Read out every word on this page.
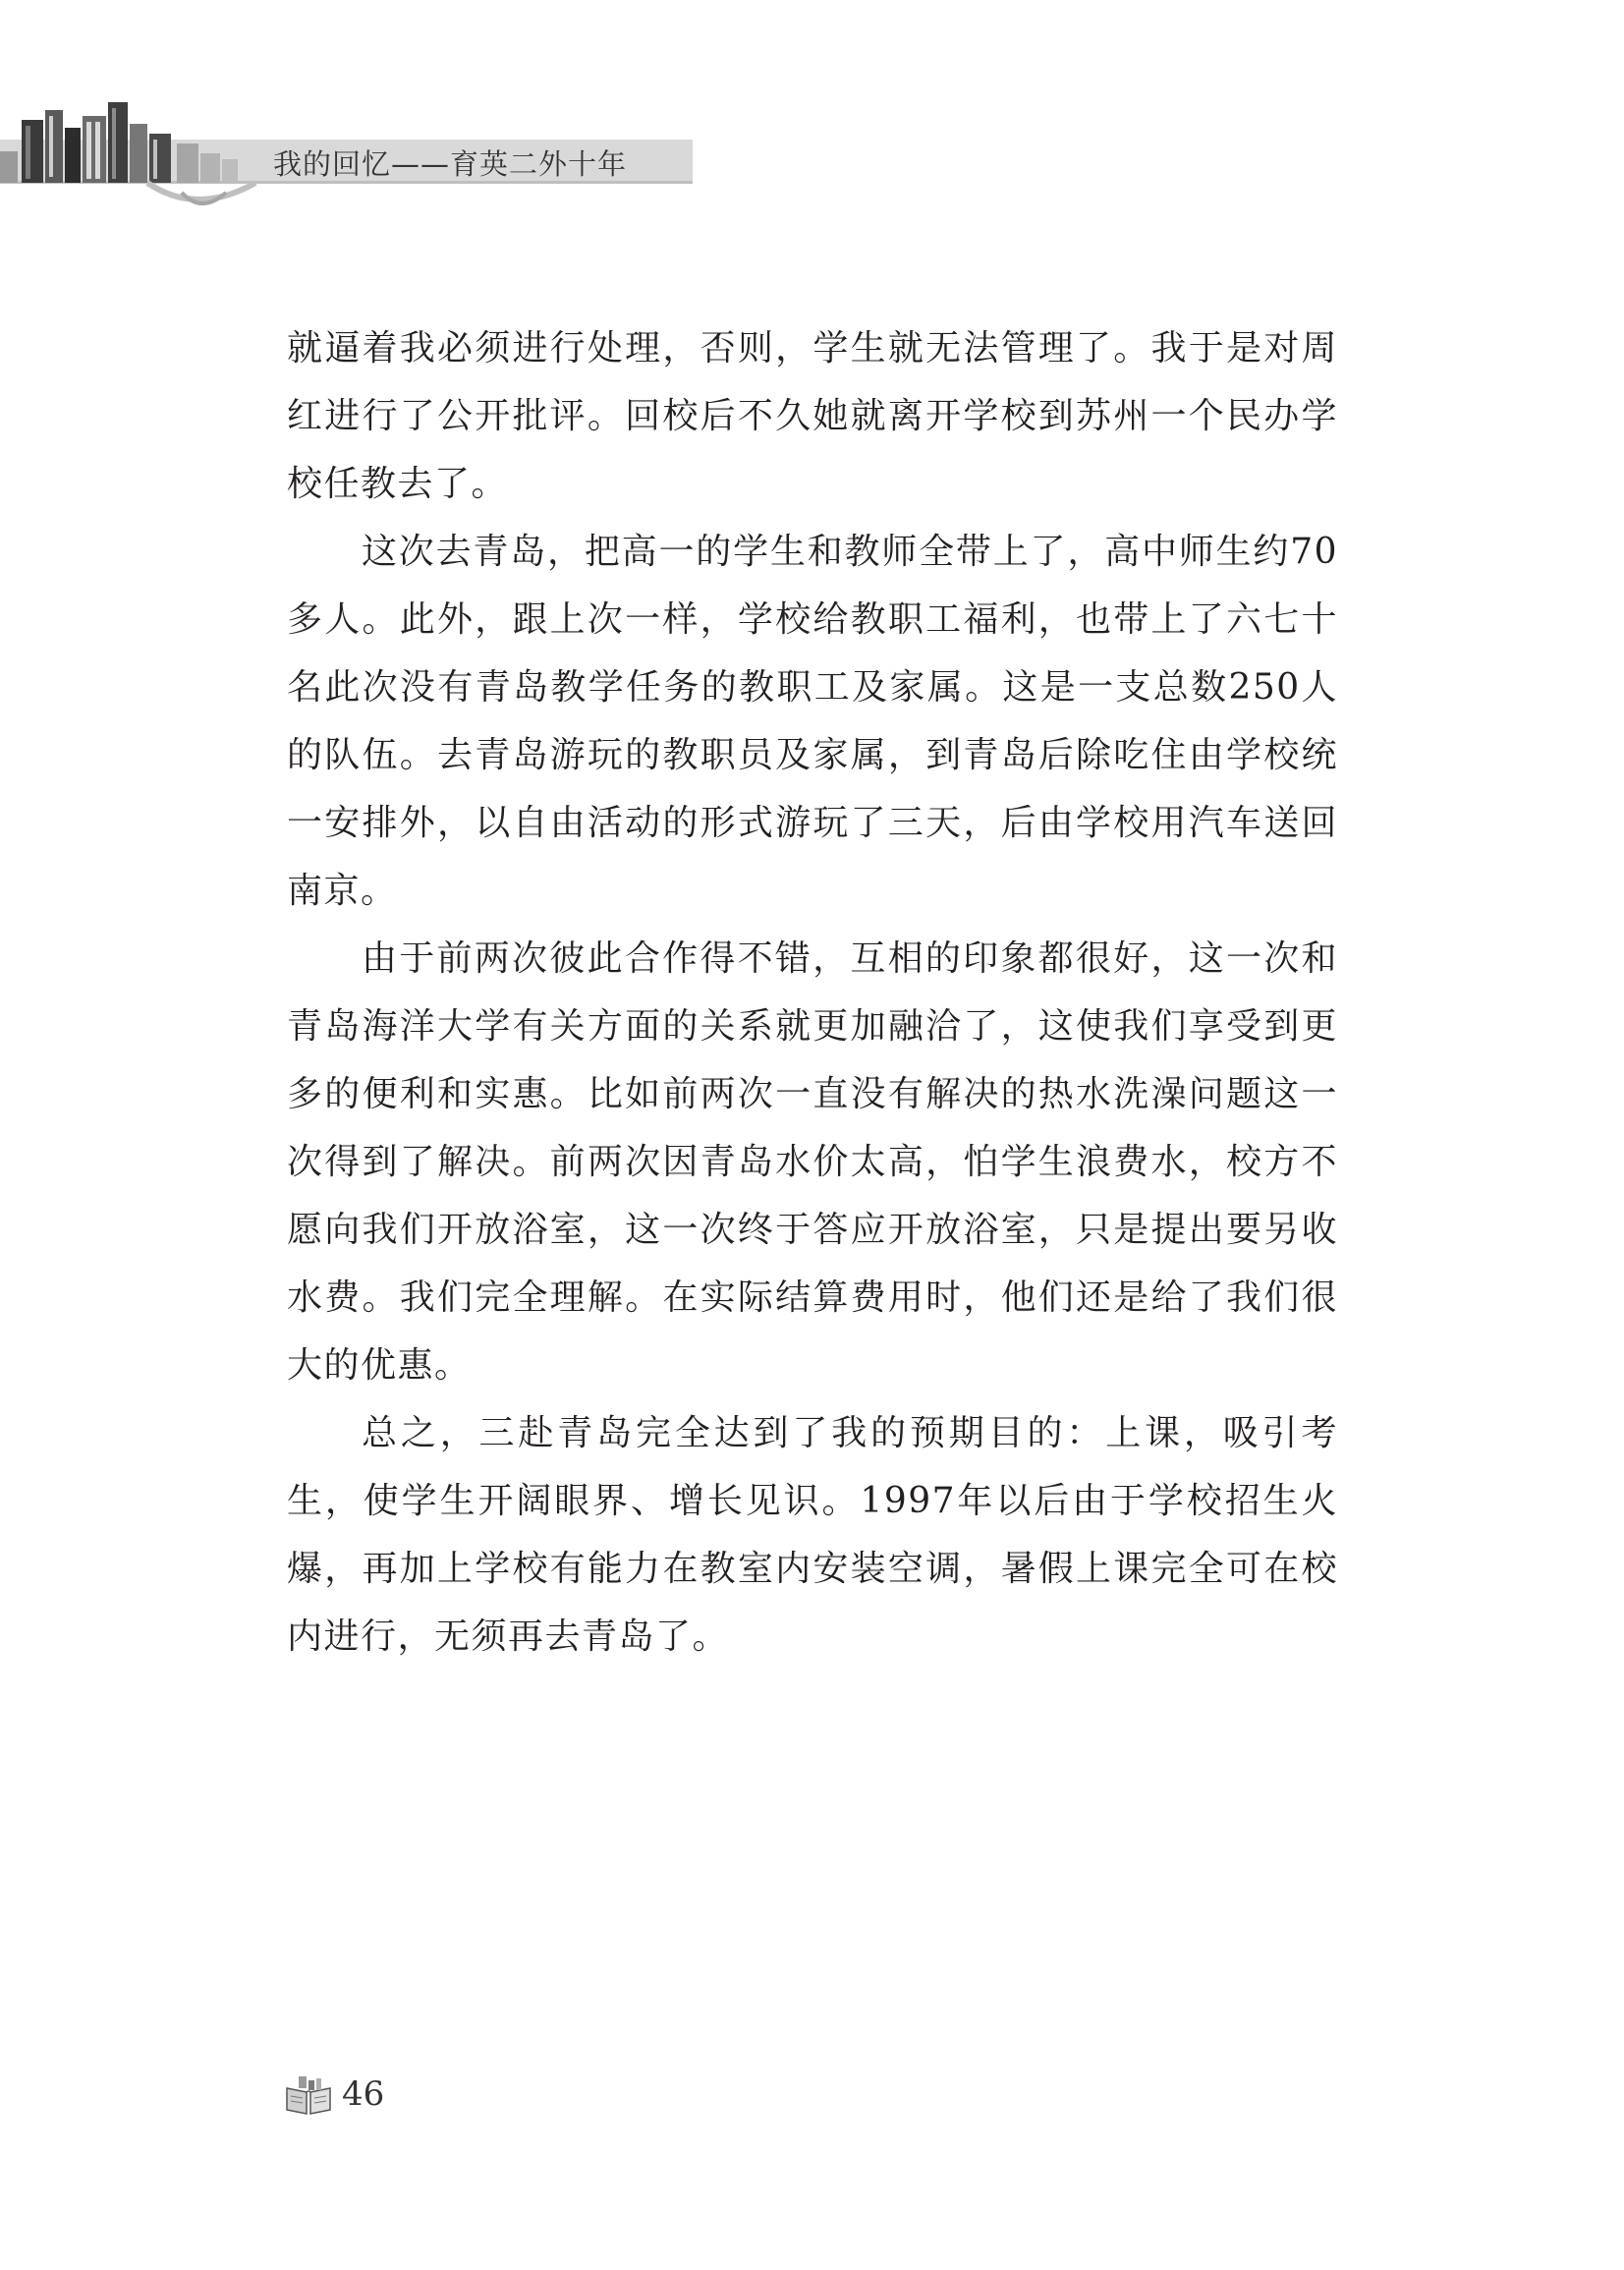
我的回忆——育英二外十年

就逼着我必须进行处理，否则，学生就无法管理了。我于是对周红进行了公开批评。回校后不久她就离开学校到苏州一个民办学校任教去了。

这次去青岛，把高一的学生和教师全带上了，高中师生约70多人。此外，跟上次一样，学校给教职工福利，也带上了六七十名此次没有青岛教学任务的教职工及家属。这是一支总数250人的队伍。去青岛游玩的教职员及家属，到青岛后除吃住由学校统一安排外，以自由活动的形式游玩了三天，后由学校用汽车送回南京。

由于前两次彼此合作得不错，互相的印象都很好，这一次和青岛海洋大学有关方面的关系就更加融洽了，这使我们享受到更多的便利和实惠。比如前两次一直没有解决的热水洗澡问题这一次得到了解决。前两次因青岛水价太高，怕学生浪费水，校方不愿向我们开放浴室，这一次终于答应开放浴室，只是提出要另收水费。我们完全理解。在实际结算费用时，他们还是给了我们很大的优惠。

总之，三赴青岛完全达到了我的预期目的：上课，吸引考生，使学生开阔眼界、增长见识。1997年以后由于学校招生火爆，再加上学校有能力在教室内安装空调，暑假上课完全可在校内进行，无须再去青岛了。

46
